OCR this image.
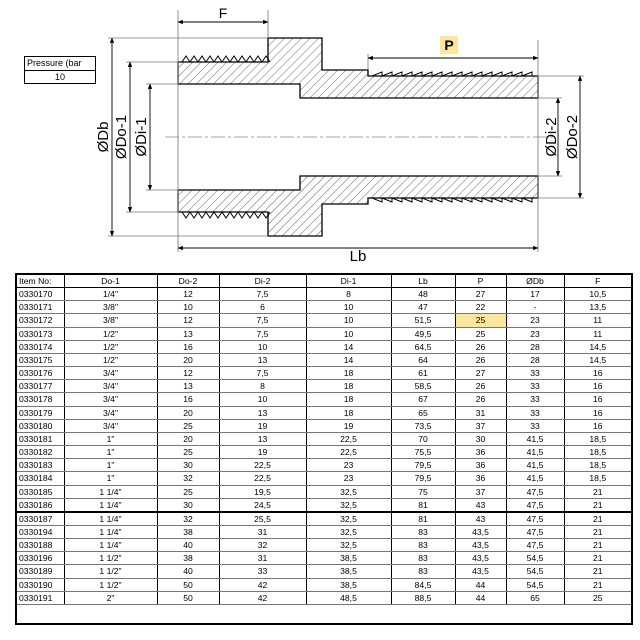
F
P
Lb
ØDb ØDo-1 ØDi-1	ØDi-2 ØDo-2
Pressure (bar
10
Item No:	Do-1	Do-2	Di-2	Di-1	Lb	P	ØDb	F
0330170	1/4"	12	7,5	8	48	27	17	10,5
0330171	3/8"	10	6	10	47	22	-	13,5
0330172	3/8"	12	7,5	10	51,5	25	23	11
0330173	1/2"	13	7,5	10	49,5	25	23	11
0330174	1/2"	16	10	14	64,5	26	28	14,5
0330175	1/2"	20	13	14	64	26	28	14,5
0330176	3/4"	12	7,5	18	61	27	33	16
0330177	3/4"	13	8	18	58,5	26	33	16
0330178	3/4"	16	10	18	67	26	33	16
0330179	3/4"	20	13	18	65	31	33	16
0330180	3/4"	25	19	19	73,5	37	33	16
0330181	1"	20	13	22,5	70	30	41,5	18,5
0330182	1"	25	19	22,5	75,5	36	41,5	18,5
0330183	1"	30	22,5	23	79,5	36	41,5	18,5
0330184	1"	32	22,5	23	79,5	36	41,5	18,5
0330185	1 1/4"	25	19,5	32,5	75	37	47,5	21
0330186	1 1/4"	30	24,5	32,5	81	43	47,5	21
0330187	1 1/4"	32	25,5	32,5	81	43	47,5	21
0330194	1 1/4"	38	31	32,5	83	43,5	47,5	21
0330188	1 1/4"	40	32	32,5	83	43,5	47,5	21
0330196	1 1/2"	38	31	38,5	83	43,5	54,5	21
0330189	1 1/2"	40	33	38,5	83	43,5	54,5	21
0330190	1 1/2"	50	42	38,5	84,5	44	54,5	21
0330191	2"	50	42	48,5	88,5	44	65	25
